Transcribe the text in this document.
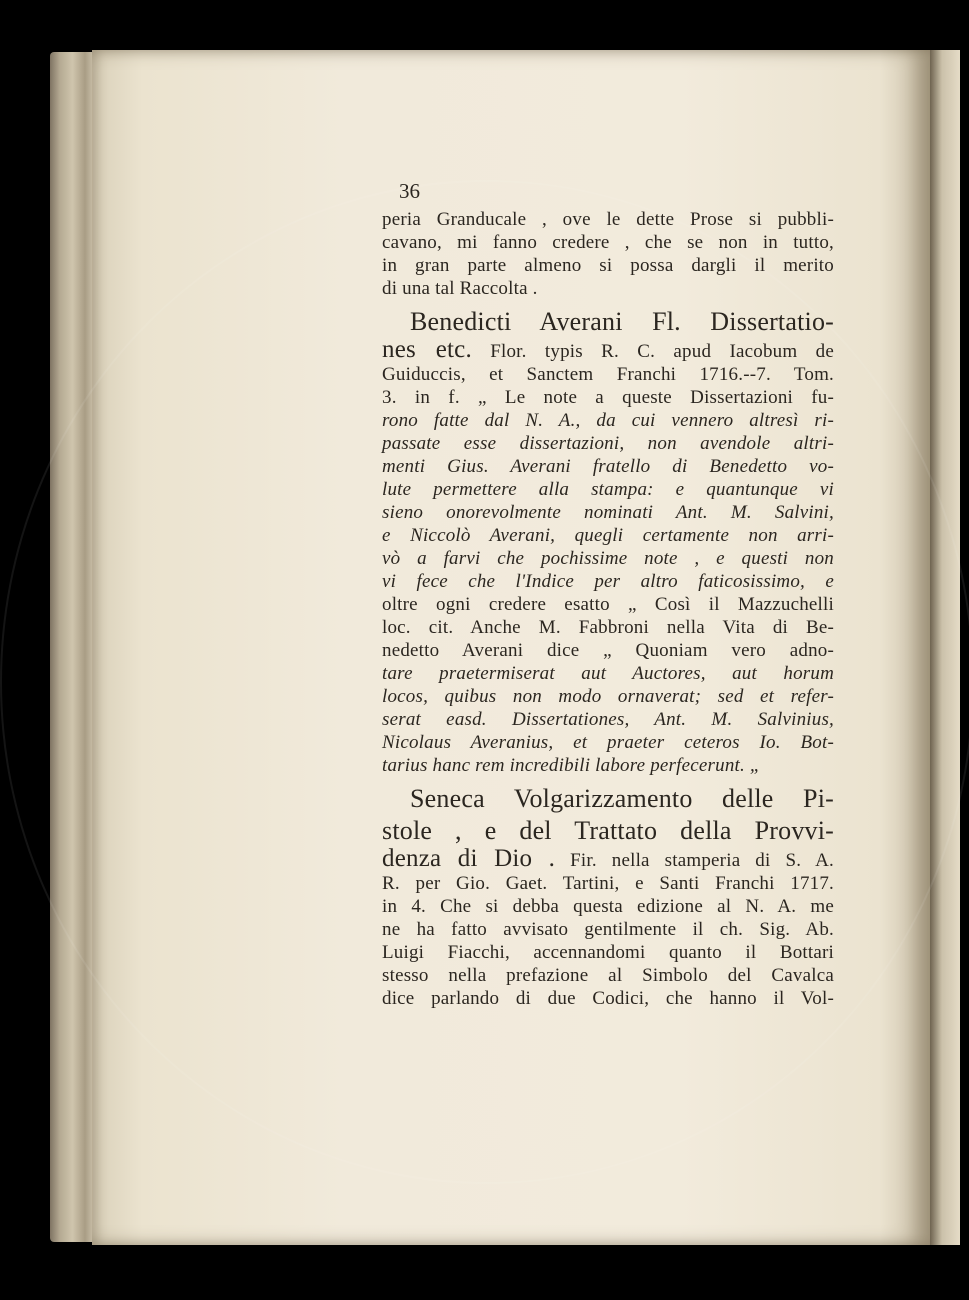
36
peria Granducale , ove le dette Prose si pubbli-
cavano, mi fanno credere , che se non in tutto,
in gran parte almeno si possa dargli il merito
di una tal Raccolta .
Benedicti Averani Fl. Dissertatio-
nes etc. Flor. typis R. C. apud Iacobum de
Guiduccis, et Sanctem Franchi 1716.--7. Tom.
3. in f. „ Le note a queste Dissertazioni fu-
rono fatte dal N. A., da cui vennero altresì ri-
passate esse dissertazioni, non avendole altri-
menti Gius. Averani fratello di Benedetto vo-
lute permettere alla stampa: e quantunque vi
sieno onorevolmente nominati Ant. M. Salvini,
e Niccolò Averani, quegli certamente non arri-
vò a farvi che pochissime note , e questi non
vi fece che l'Indice per altro faticosissimo, e
oltre ogni credere esatto „ Così il Mazzuchelli
loc. cit. Anche M. Fabbroni nella Vita di Be-
nedetto Averani dice „ Quoniam vero adno-
tare praetermiserat aut Auctores, aut horum
locos, quibus non modo ornaverat; sed et refer-
serat easd. Dissertationes, Ant. M. Salvinius,
Nicolaus Averanius, et praeter ceteros Io. Bot-
tarius hanc rem incredibili labore perfecerunt. „
Seneca Volgarizzamento delle Pi-
stole , e del Trattato della Provvi-
denza di Dio . Fir. nella stamperia di S. A.
R. per Gio. Gaet. Tartini, e Santi Franchi 1717.
in 4. Che si debba questa edizione al N. A. me
ne ha fatto avvisato gentilmente il ch. Sig. Ab.
Luigi Fiacchi, accennandomi quanto il Bottari
stesso nella prefazione al Simbolo del Cavalca
dice parlando di due Codici, che hanno il Vol-
